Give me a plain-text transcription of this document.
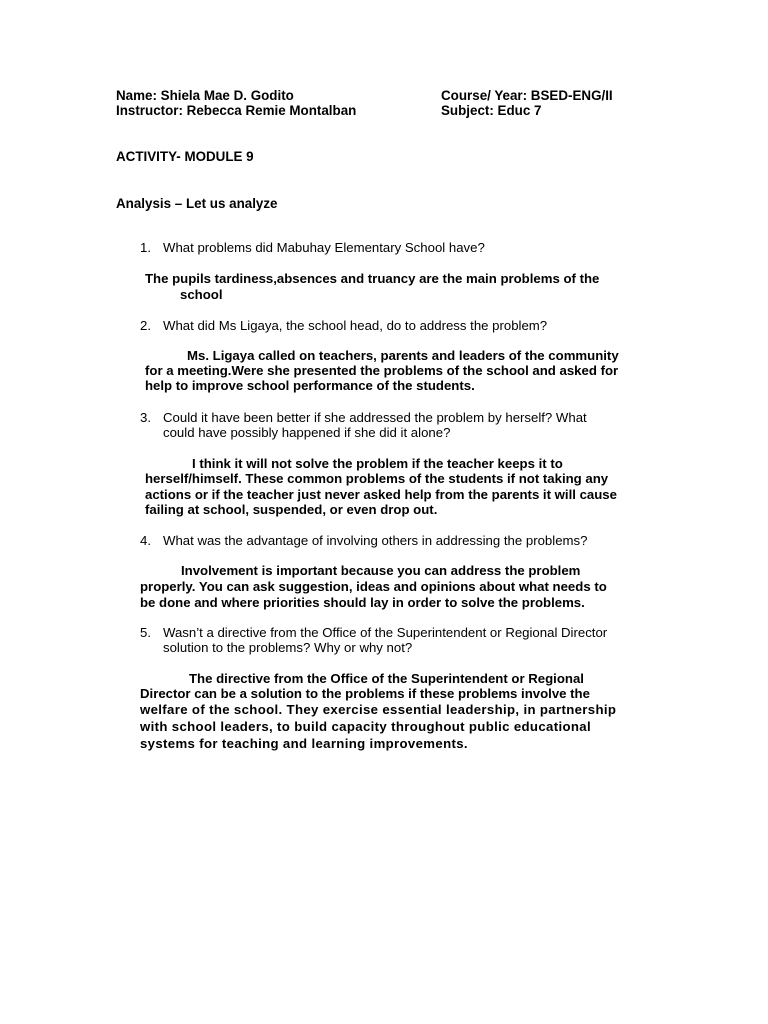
Name: Shiela Mae D. Godito	Course/ Year: BSED-ENG/II

Instructor: Rebecca Remie Montalban	Subject: Educ 7

ACTIVITY- MODULE 9

Analysis – Let us analyze

1. What problems did Mabuhay Elementary School have?

The pupils tardiness,absences and truancy are the main problems of the

school

2. What did Ms Ligaya, the school head, do to address the problem?

Ms. Ligaya called on teachers, parents and leaders of the community

for a meeting.Were she presented the problems of the school and asked for

help to improve school performance of the students.

3. Could it have been better if she addressed the problem by herself? What

could have possibly happened if she did it alone?

I think it will not solve the problem if the teacher keeps it to

herself/himself. These common problems of the students if not taking any

actions or if the teacher just never asked help from the parents it will cause

failing at school, suspended, or even drop out.

4. What was the advantage of involving others in addressing the problems?

Involvement is important because you can address the problem

properly. You can ask suggestion, ideas and opinions about what needs to

be done and where priorities should lay in order to solve the problems.

5. Wasn’t a directive from the Office of the Superintendent or Regional Director

solution to the problems? Why or why not?

The directive from the Office of the Superintendent or Regional

Director can be a solution to the problems if these problems involve the

welfare of the school. They exercise essential leadership, in partnership

with school leaders, to build capacity throughout public educational

systems for teaching and learning improvements.
